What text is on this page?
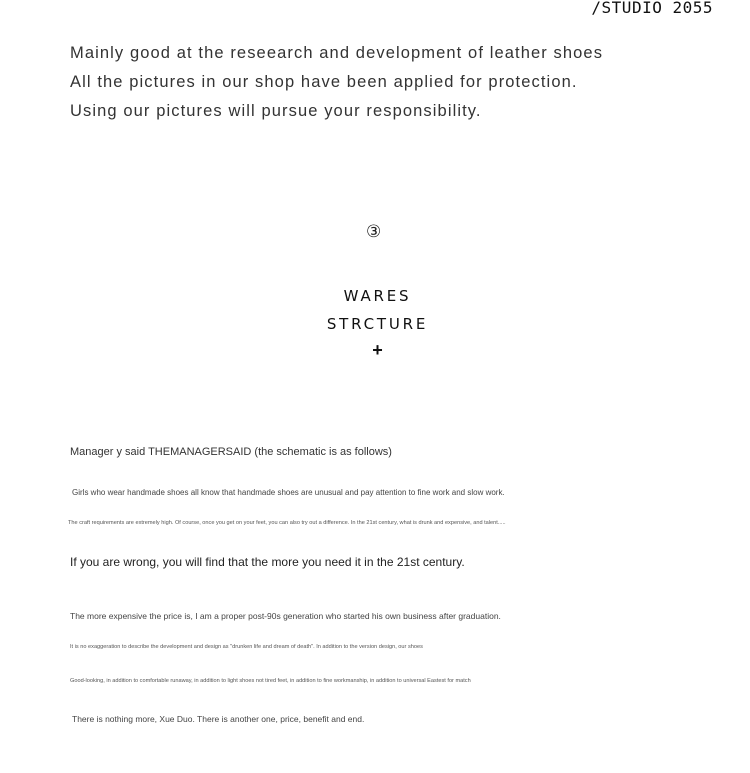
/STUDIO 2055
Mainly good at the reseearch and development of leather shoes
All the pictures in our shop have been applied for protection.
Using our pictures will pursue your responsibility.
③
WARES
STRCTURE
+
Manager y said THEMANAGERSAID (the schematic is as follows)
Girls who wear handmade shoes all know that handmade shoes are unusual and pay attention to fine work and slow work.
The craft requirements are extremely high. Of course, once you get on your feet, you can also try out a difference. In the 21st century, what is drunk and expensive, and talent.....
If you are wrong, you will find that the more you need it in the 21st century.
The more expensive the price is, I am a proper post-90s generation who started his own business after graduation.
It is no exaggeration to describe the development and design as "drunken life and dream of death". In addition to the version design, our shoes
Good-looking, in addition to comfortable runaway, in addition to light shoes not tired feet, in addition to fine workmanship, in addition to universal Eastest for match
There is nothing more, Xue Duo. There is another one, price, benefit and end.
